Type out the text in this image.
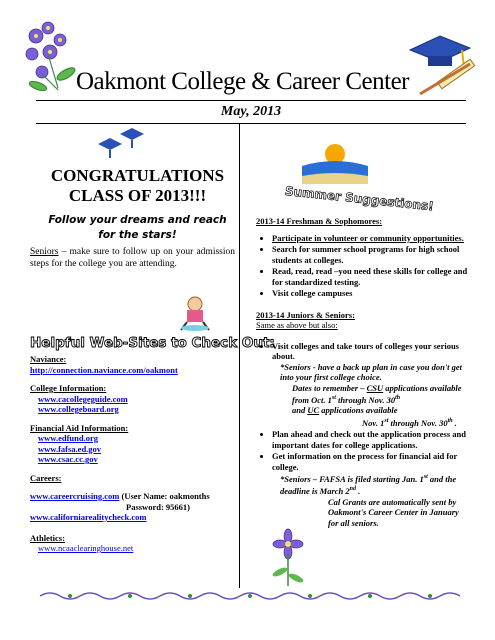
Oakmont College & Career Center
May, 2013
CONGRATULATIONS
CLASS OF 2013!!!
Follow your dreams and reach
for the stars!
Seniors – make sure to follow up on your admission steps for the college you are attending.
Helpful Web-Sites to Check Out:
Naviance:
http://connection.naviance.com/oakmont
College Information:
www.cacollegeguide.com
www.collegeboard.org
Financial Aid Information:
www.edfund.org
www.fafsa.ed.gov
www.csac.cc.gov
Careers:
www.careercruising.com (User Name: oakmonths
Password: 95661)
www.californiarealitycheck.com
Athletics:
www.ncaaclearinghouse.net
Summer Suggestions!
2013-14 Freshman & Sophomores:
• Participate in volunteer or community opportunities.
• Search for summer school programs for high school students at colleges.
• Read, read, read –you need these skills for college and for standardized testing.
• Visit college campuses
2013-14 Juniors & Seniors:
Same as above but also:
• Visit colleges and take tours of colleges your serious about.
*Seniors - have a back up plan in case you don't get into your first college choice.
Dates to remember – CSU applications available from Oct. 1st through Nov. 30th
and UC applications available
Nov. 1st through Nov. 30th .
• Plan ahead and check out the application process and important dates for college applications.
• Get information on the process for financial aid for college.
*Seniors – FAFSA is filed starting Jan. 1st and the deadline is March 2nd .
Cal Grants are automatically sent by Oakmont's Career Center in January for all seniors.
